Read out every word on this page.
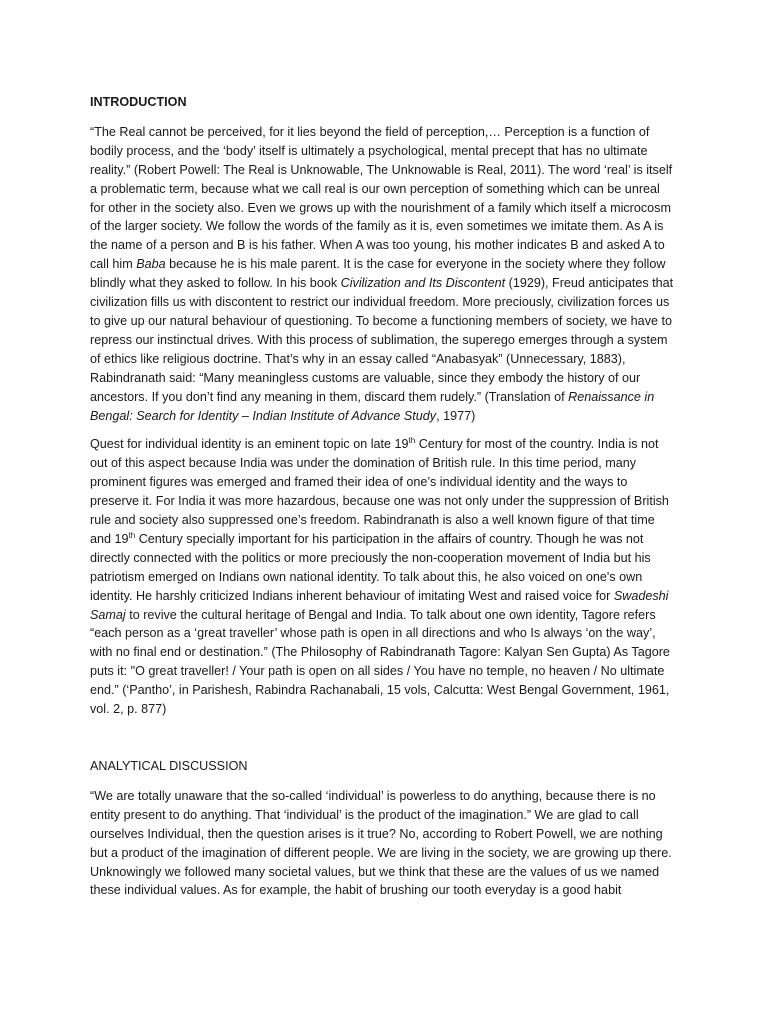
INTRODUCTION

“The Real cannot be perceived, for it lies beyond the field of perception,… Perception is a function of bodily process, and the ‘body’ itself is ultimately a psychological, mental precept that has no ultimate reality.” (Robert Powell: The Real is Unknowable, The Unknowable is Real, 2011). The word ‘real’ is itself a problematic term, because what we call real is our own perception of something which can be unreal for other in the society also. Even we grows up with the nourishment of a family which itself a microcosm of the larger society. We follow the words of the family as it is, even sometimes we imitate them. As A is the name of a person and B is his father. When A was too young, his mother indicates B and asked A to call him Baba because he is his male parent. It is the case for everyone in the society where they follow blindly what they asked to follow. In his book Civilization and Its Discontent (1929), Freud anticipates that civilization fills us with discontent to restrict our individual freedom. More preciously, civilization forces us to give up our natural behaviour of questioning. To become a functioning members of society, we have to repress our instinctual drives. With this process of sublimation, the superego emerges through a system of ethics like religious doctrine. That’s why in an essay called “Anabasyak” (Unnecessary, 1883), Rabindranath said: “Many meaningless customs are valuable, since they embody the history of our ancestors. If you don’t find any meaning in them, discard them rudely.” (Translation of Renaissance in Bengal: Search for Identity – Indian Institute of Advance Study, 1977)

Quest for individual identity is an eminent topic on late 19th Century for most of the country. India is not out of this aspect because India was under the domination of British rule. In this time period, many prominent figures was emerged and framed their idea of one’s individual identity and the ways to preserve it. For India it was more hazardous, because one was not only under the suppression of British rule and society also suppressed one’s freedom. Rabindranath is also a well known figure of that time and 19th Century specially important for his participation in the affairs of country. Though he was not directly connected with the politics or more preciously the non-cooperation movement of India but his patriotism emerged on Indians own national identity. To talk about this, he also voiced on one's own identity. He harshly criticized Indians inherent behaviour of imitating West and raised voice for Swadeshi Samaj to revive the cultural heritage of Bengal and India. To talk about one own identity, Tagore refers “each person as a ‘great traveller’ whose path is open in all directions and who Is always ‘on the way’, with no final end or destination.” (The Philosophy of Rabindranath Tagore: Kalyan Sen Gupta) As Tagore puts it: "O great traveller! / Your path is open on all sides / You have no temple, no heaven / No ultimate end.” (‘Pantho’, in Parishesh, Rabindra Rachanabali, 15 vols, Calcutta: West Bengal Government, 1961,
vol. 2, p. 877)

ANALYTICAL DISCUSSION

“We are totally unaware that the so-called ‘individual’ is powerless to do anything, because there is no entity present to do anything. That ‘individual’ is the product of the imagination.” We are glad to call ourselves Individual, then the question arises is it true? No, according to Robert Powell, we are nothing but a product of the imagination of different people. We are living in the society, we are growing up there. Unknowingly we followed many societal values, but we think that these are the values of us we named these individual values. As for example, the habit of brushing our tooth everyday is a good habit
